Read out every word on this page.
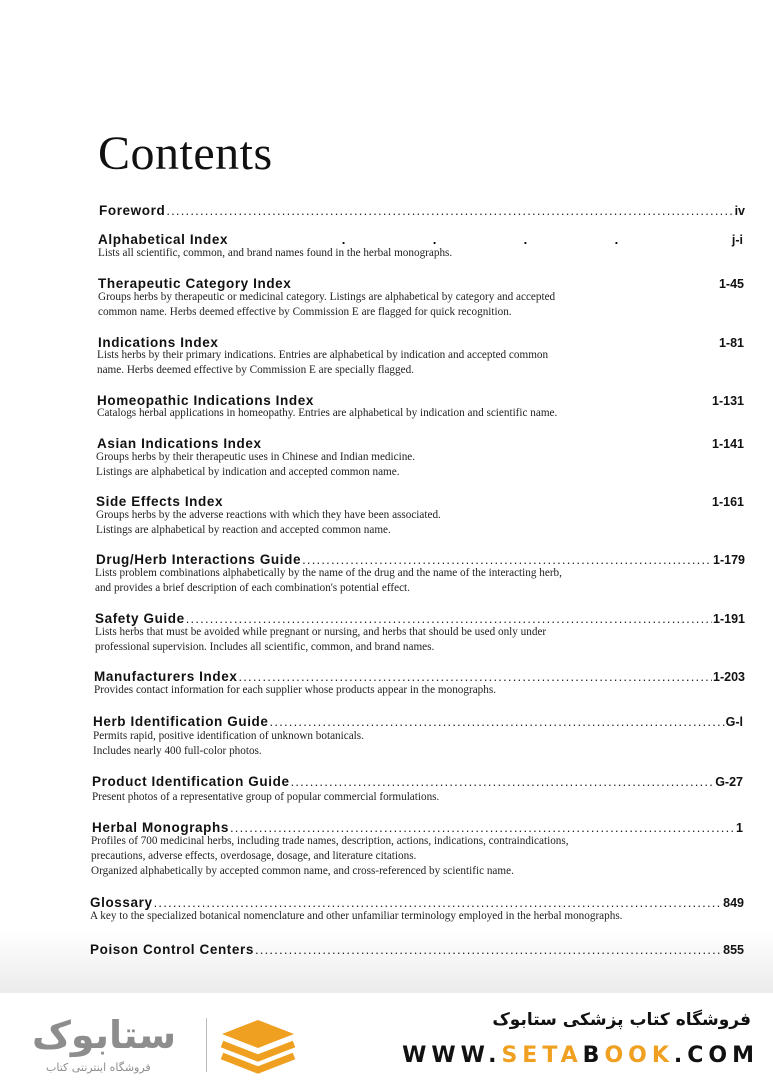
Contents
Foreword .....	iv
Alphabetical Index	.	.	.	.	j-i
Lists all scientific, common, and brand names found in the herbal monographs.
Therapeutic Category Index	1-45
Groups herbs by therapeutic or medicinal category. Listings are alphabetical by category and accepted
common name. Herbs deemed effective by Commission E are flagged for quick recognition.
Indications Index	1-81
Lists herbs by their primary indications. Entries are alphabetical by indication and accepted common
name. Herbs deemed effective by Commission E are specially flagged.
Homeopathic Indications Index	1-131
Catalogs herbal applications in homeopathy. Entries are alphabetical by indication and scientific name.
Asian Indications Index	1-141
Groups herbs by their therapeutic uses in Chinese and Indian medicine.
Listings are alphabetical by indication and accepted common name.
Side Effects Index	1-161
Groups herbs by the adverse reactions with which they have been associated.
Listings are alphabetical by reaction and accepted common name.
Drug/Herb Interactions Guide .....	1-179
Lists problem combinations alphabetically by the name of the drug and the name of the interacting herb,
and provides a brief description of each combination's potential effect.
Safety Guide .....	1-191
Lists herbs that must be avoided while pregnant or nursing, and herbs that should be used only under
professional supervision. Includes all scientific, common, and brand names.
Manufacturers Index .....	1-203
Provides contact information for each supplier whose products appear in the monographs.
Herb Identification Guide .....	G-l
Permits rapid, positive identification of unknown botanicals.
Includes nearly 400 full-color photos.
Product Identification Guide .....	G-27
Present photos of a representative group of popular commercial formulations.
Herbal Monographs .....	1
Profiles of 700 medicinal herbs, including trade names, description, actions, indications, contraindications,
precautions, adverse effects, overdosage, dosage, and literature citations.
Organized alphabetically by accepted common name, and cross-referenced by scientific name.
Glossary .....	849
A key to the specialized botanical nomenclature and other unfamiliar terminology employed in the herbal monographs.
Poison Control Centers .....	855
ستابوک
فروشگاه اینترنتی کتاب
فروشگاه کتاب پزشکی ستابوک
WWW.SETABOOK.COM
